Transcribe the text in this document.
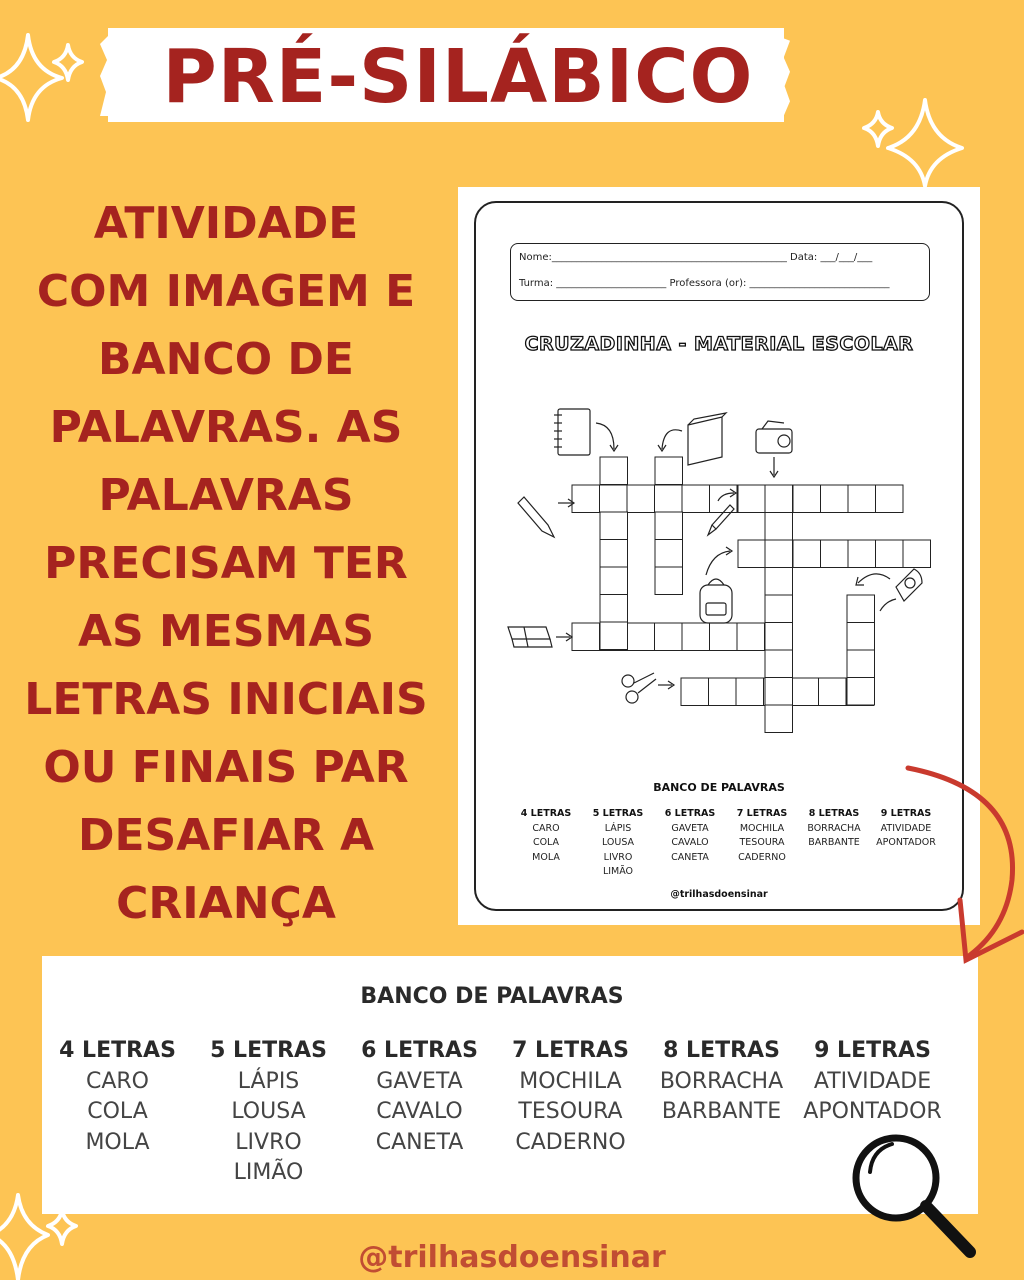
PRÉ-SILÁBICO
ATIVIDADE
COM IMAGEM E
BANCO DE
PALAVRAS. AS
PALAVRAS
PRECISAM TER
AS MESMAS
LETRAS INICIAIS
OU FINAIS PAR
DESAFIAR A
CRIANÇA
Nome:_______________________________________________ Data: ___/___/___
Turma: ______________________ Professora (or): ____________________________
CRUZADINHA - MATERIAL ESCOLAR
BANCO DE PALAVRAS
4 LETRAS
CARO
COLA
MOLA
5 LETRAS
LÁPIS
LOUSA
LIVRO
LIMÃO
6 LETRAS
GAVETA
CAVALO
CANETA
7 LETRAS
MOCHILA
TESOURA
CADERNO
8 LETRAS
BORRACHA
BARBANTE
9 LETRAS
ATIVIDADE
APONTADOR
@trilhasdoensinar
BANCO DE PALAVRAS
4 LETRAS
CARO
COLA
MOLA
5 LETRAS
LÁPIS
LOUSA
LIVRO
LIMÃO
6 LETRAS
GAVETA
CAVALO
CANETA
7 LETRAS
MOCHILA
TESOURA
CADERNO
8 LETRAS
BORRACHA
BARBANTE
9 LETRAS
ATIVIDADE
APONTADOR
@trilhasdoensinar
